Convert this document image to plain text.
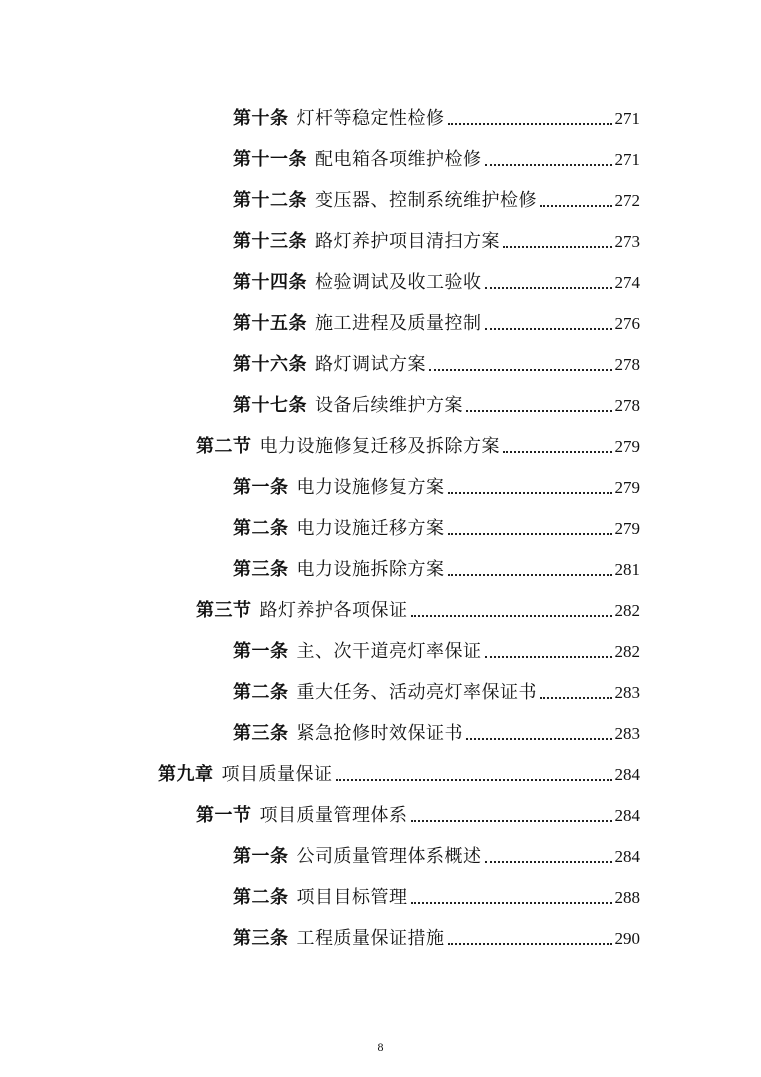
第十条 灯杆等稳定性检修	271
第十一条 配电箱各项维护检修	271
第十二条 变压器、控制系统维护检修	272
第十三条 路灯养护项目清扫方案	273
第十四条 检验调试及收工验收	274
第十五条 施工进程及质量控制	276
第十六条 路灯调试方案	278
第十七条 设备后续维护方案	278
第二节 电力设施修复迁移及拆除方案	279
第一条 电力设施修复方案	279
第二条 电力设施迁移方案	279
第三条 电力设施拆除方案	281
第三节 路灯养护各项保证	282
第一条 主、次干道亮灯率保证	282
第二条 重大任务、活动亮灯率保证书	283
第三条 紧急抢修时效保证书	283
第九章 项目质量保证	284
第一节 项目质量管理体系	284
第一条 公司质量管理体系概述	284
第二条 项目目标管理	288
第三条 工程质量保证措施	290
8
